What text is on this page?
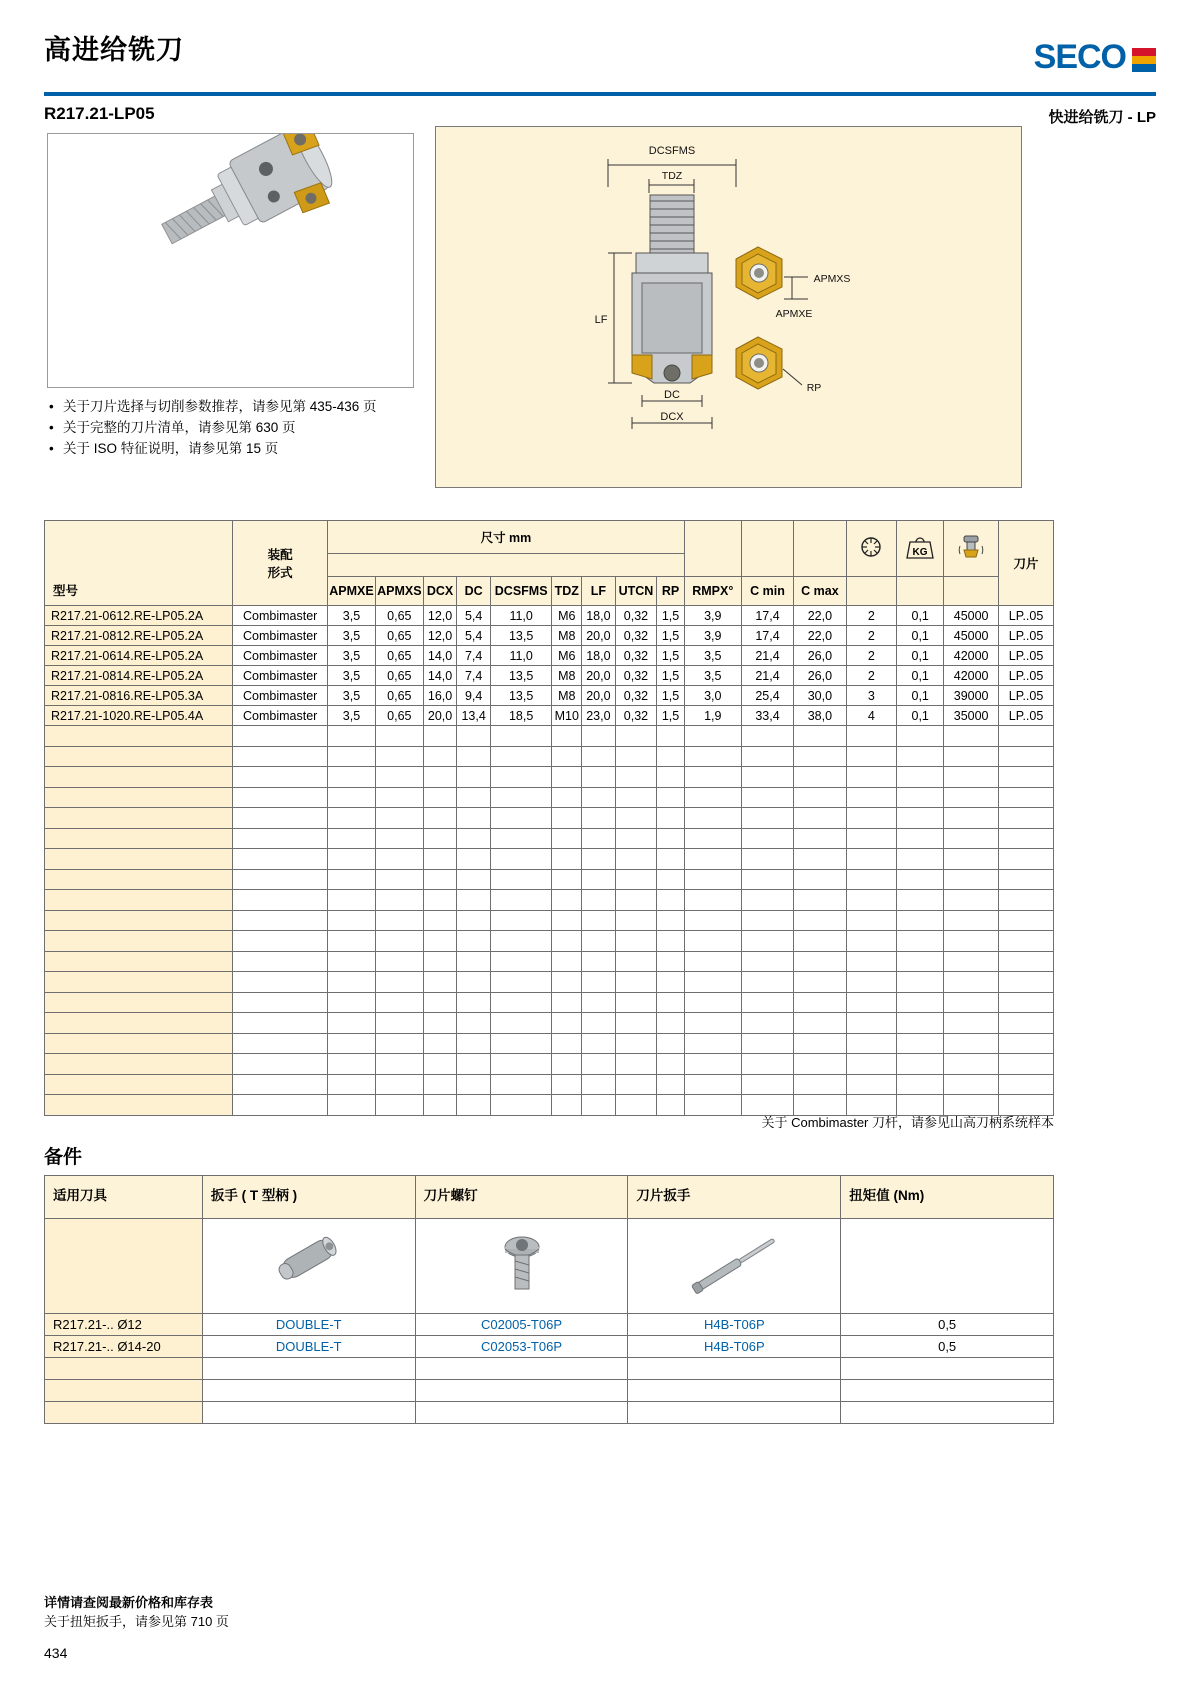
高进给铣刀	SECO
R217.21-LP05	快进给铣刀 - LP
• 关于刀片选择与切削参数推荐，请参见第 435-436 页
• 关于完整的刀片清单，请参见第 630 页
• 关于 ISO 特征说明，请参见第 15 页
DCSFMS
TDZ
LF
DC
DCX
APMXS
APMXE
RP
型号	装配
形式	尺寸 mm													KG		刀片

		APMXE	APMXS	DCX	DC	DCSFMS	TDZ	LF	UTCN	RP	RMPX°	C min	C max				
R217.21-0612.RE-LP05.2A	Combimaster	3,5	0,65	12,0	5,4	11,0	M6	18,0	0,32	1,5	3,9	17,4	22,0	2	0,1	45000	LP..05
R217.21-0812.RE-LP05.2A	Combimaster	3,5	0,65	12,0	5,4	13,5	M8	20,0	0,32	1,5	3,9	17,4	22,0	2	0,1	45000	LP..05
R217.21-0614.RE-LP05.2A	Combimaster	3,5	0,65	14,0	7,4	11,0	M6	18,0	0,32	1,5	3,5	21,4	26,0	2	0,1	42000	LP..05
R217.21-0814.RE-LP05.2A	Combimaster	3,5	0,65	14,0	7,4	13,5	M8	20,0	0,32	1,5	3,5	21,4	26,0	2	0,1	42000	LP..05
R217.21-0816.RE-LP05.3A	Combimaster	3,5	0,65	16,0	9,4	13,5	M8	20,0	0,32	1,5	3,0	25,4	30,0	3	0,1	39000	LP..05
R217.21-1020.RE-LP05.4A	Combimaster	3,5	0,65	20,0	13,4	18,5	M10	23,0	0,32	1,5	1,9	33,4	38,0	4	0,1	35000	LP..05

关于 Combimaster 刀杆，请参见山高刀柄系统样本
备件
适用刀具	扳手 ( T 型柄 )	刀片螺钉	刀片扳手	扭矩值 (Nm)

R217.21-.. Ø12	DOUBLE-T	C02005-T06P	H4B-T06P	0,5
R217.21-.. Ø14-20	DOUBLE-T	C02053-T06P	H4B-T06P	0,5

详情请查阅最新价格和库存表
关于扭矩扳手，请参见第 710 页
434
